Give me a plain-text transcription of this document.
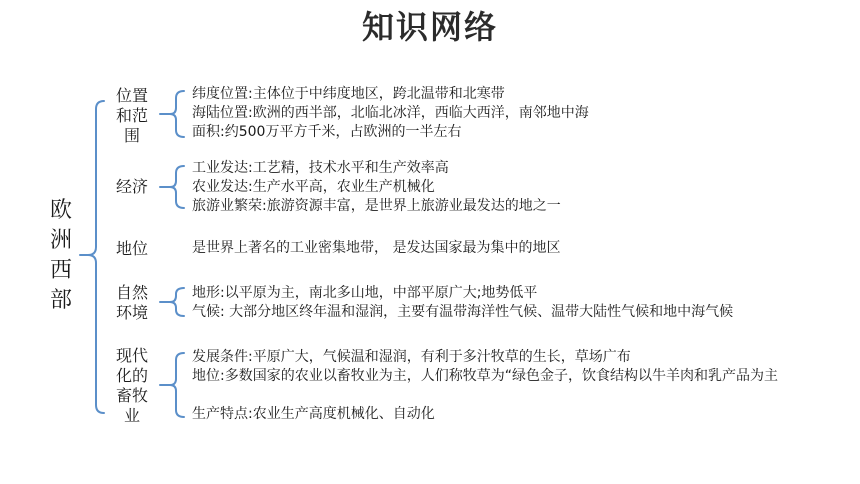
知识网络
欧
洲
西
部
位置和范围
纬度位置:主体位于中纬度地区，跨北温带和北寒带
海陆位置:欧洲的西半部，北临北冰洋，西临大西洋，南邻地中海
面积:约500万平方千米，占欧洲的一半左右
经济
工业发达:工艺精，技术水平和生产效率高
农业发达:生产水平高，农业生产机械化
旅游业繁荣:旅游资源丰富，是世界上旅游业最发达的地之一
地位	是世界上著名的工业密集地带， 是发达国家最为集中的地区
自然环境
地形:以平原为主，南北多山地，中部平原广大;地势低平
气候: 大部分地区终年温和湿润，主要有温带海洋性气候、温带大陆性气候和地中海气候
现代化的畜牧业
发展条件:平原广大，气候温和湿润，有利于多汁牧草的生长，草场广布
地位:多数国家的农业以畜牧业为主，人们称牧草为“绿色金子，饮食结构以牛羊肉和乳产品为主
生产特点:农业生产高度机械化、自动化
